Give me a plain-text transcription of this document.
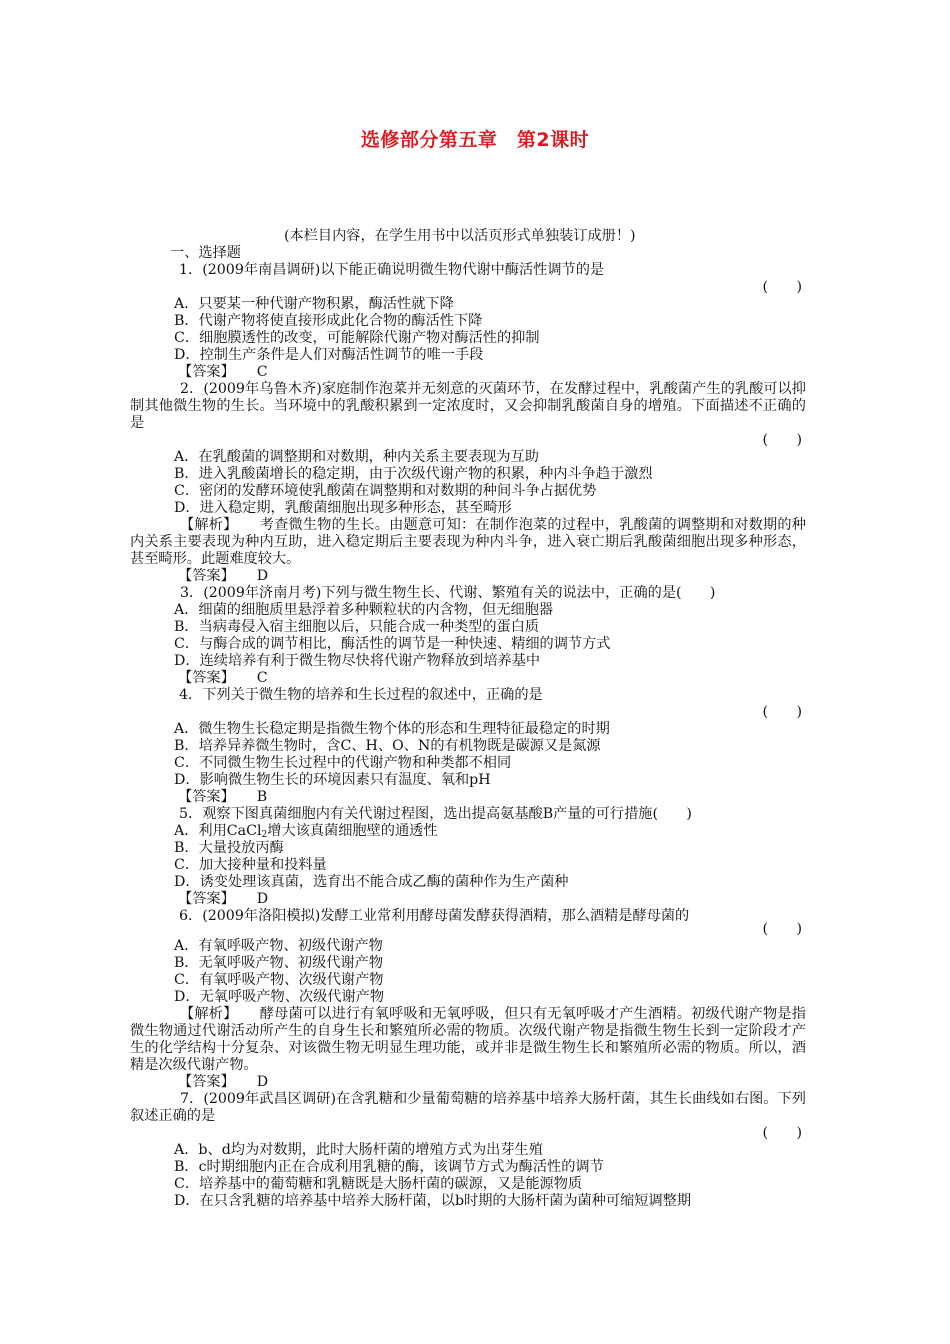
选修部分第五章　第2课时
(本栏目内容，在学生用书中以活页形式单独装订成册！)
一、选择题
1．(2009年南昌调研)以下能正确说明微生物代谢中酶活性调节的是
(　　)
A．只要某一种代谢产物积累，酶活性就下降
B．代谢产物将使直接形成此化合物的酶活性下降
C．细胞膜透性的改变，可能解除代谢产物对酶活性的抑制
D．控制生产条件是人们对酶活性调节的唯一手段
【答案】 C
2．(2009年乌鲁木齐)家庭制作泡菜并无刻意的灭菌环节，在发酵过程中，乳酸菌产生的乳酸可以抑制其他微生物的生长。当环境中的乳酸积累到一定浓度时，又会抑制乳酸菌自身的增殖。下面描述不正确的是
(　　)
A．在乳酸菌的调整期和对数期，种内关系主要表现为互助
B．进入乳酸菌增长的稳定期，由于次级代谢产物的积累，种内斗争趋于激烈
C．密闭的发酵环境使乳酸菌在调整期和对数期的种间斗争占据优势
D．进入稳定期，乳酸菌细胞出现多种形态，甚至畸形
【解析】 考查微生物的生长。由题意可知：在制作泡菜的过程中，乳酸菌的调整期和对数期的种内关系主要表现为种内互助，进入稳定期后主要表现为种内斗争，进入衰亡期后乳酸菌细胞出现多种形态，甚至畸形。此题难度较大。
【答案】 D
3．(2009年济南月考)下列与微生物生长、代谢、繁殖有关的说法中，正确的是(　　)
A．细菌的细胞质里悬浮着多种颗粒状的内含物，但无细胞器
B．当病毒侵入宿主细胞以后，只能合成一种类型的蛋白质
C．与酶合成的调节相比，酶活性的调节是一种快速、精细的调节方式
D．连续培养有利于微生物尽快将代谢产物释放到培养基中
【答案】 C
4．下列关于微生物的培养和生长过程的叙述中，正确的是
(　　)
A．微生物生长稳定期是指微生物个体的形态和生理特征最稳定的时期
B．培养异养微生物时，含C、H、O、N的有机物既是碳源又是氮源
C．不同微生物生长过程中的代谢产物和种类都不相同
D．影响微生物生长的环境因素只有温度、氧和pH
【答案】 B
5．观察下图真菌细胞内有关代谢过程图，选出提高氨基酸B产量的可行措施(　　)
A．利用CaCl$_2$增大该真菌细胞壁的通透性
B．大量投放丙酶
C．加大接种量和投料量
D．诱变处理该真菌，选育出不能合成乙酶的菌种作为生产菌种
【答案】 D
6．(2009年洛阳模拟)发酵工业常利用酵母菌发酵获得酒精，那么酒精是酵母菌的
(　　)
A．有氧呼吸产物、初级代谢产物
B．无氧呼吸产物、初级代谢产物
C．有氧呼吸产物、次级代谢产物
D．无氧呼吸产物、次级代谢产物
【解析】 酵母菌可以进行有氧呼吸和无氧呼吸，但只有无氧呼吸才产生酒精。初级代谢产物是指微生物通过代谢活动所产生的自身生长和繁殖所必需的物质。次级代谢产物是指微生物生长到一定阶段才产生的化学结构十分复杂、对该微生物无明显生理功能，或并非是微生物生长和繁殖所必需的物质。所以，酒精是次级代谢产物。
【答案】 D
7．(2009年武昌区调研)在含乳糖和少量葡萄糖的培养基中培养大肠杆菌，其生长曲线如右图。下列叙述正确的是
(　　)
A．b、d均为对数期，此时大肠杆菌的增殖方式为出芽生殖
B．c时期细胞内正在合成利用乳糖的酶，该调节方式为酶活性的调节
C．培养基中的葡萄糖和乳糖既是大肠杆菌的碳源，又是能源物质
D．在只含乳糖的培养基中培养大肠杆菌，以b时期的大肠杆菌为菌种可缩短调整期
